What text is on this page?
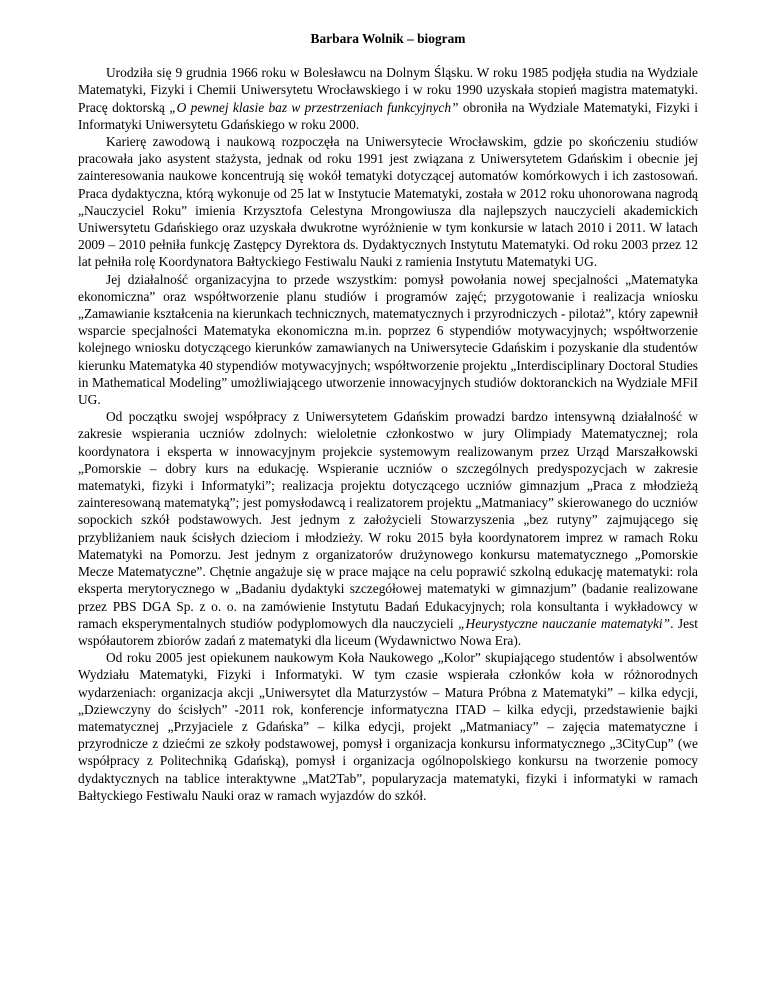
Barbara Wolnik – biogram

Urodziła się 9 grudnia 1966 roku w Bolesławcu na Dolnym Śląsku. W roku 1985 podjęła studia na Wydziale Matematyki, Fizyki i Chemii Uniwersytetu Wrocławskiego i w roku 1990 uzyskała stopień magistra matematyki. Pracę doktorską „O pewnej klasie baz w przestrzeniach funkcyjnych” obroniła na Wydziale Matematyki, Fizyki i Informatyki Uniwersytetu Gdańskiego w roku 2000.

Karierę zawodową i naukową rozpoczęła na Uniwersytecie Wrocławskim, gdzie po skończeniu studiów pracowała jako asystent stażysta, jednak od roku 1991 jest związana z Uniwersytetem Gdańskim i obecnie jej zainteresowania naukowe koncentrują się wokół tematyki dotyczącej automatów komórkowych i ich zastosowań. Praca dydaktyczna, którą wykonuje od 25 lat w Instytucie Matematyki, została w 2012 roku uhonorowana nagrodą „Nauczyciel Roku” imienia Krzysztofa Celestyna Mrongowiusza dla najlepszych nauczycieli akademickich Uniwersytetu Gdańskiego oraz uzyskała dwukrotne wyróżnienie w tym konkursie w latach 2010 i 2011. W latach 2009 – 2010 pełniła funkcję Zastępcy Dyrektora ds. Dydaktycznych Instytutu Matematyki. Od roku 2003 przez 12 lat pełniła rolę Koordynatora Bałtyckiego Festiwalu Nauki z ramienia Instytutu Matematyki UG.

Jej działalność organizacyjna to przede wszystkim: pomysł powołania nowej specjalności „Matematyka ekonomiczna” oraz współtworzenie planu studiów i programów zajęć; przygotowanie i realizacja wniosku „Zamawianie kształcenia na kierunkach technicznych, matematycznych i przyrodniczych - pilotaż”, który zapewnił wsparcie specjalności Matematyka ekonomiczna m.in. poprzez 6 stypendiów motywacyjnych; współtworzenie kolejnego wniosku dotyczącego kierunków zamawianych na Uniwersytecie Gdańskim i pozyskanie dla studentów kierunku Matematyka 40 stypendiów motywacyjnych; współtworzenie projektu „Interdisciplinary Doctoral Studies in Mathematical Modeling” umożliwiającego utworzenie innowacyjnych studiów doktoranckich na Wydziale MFiI UG.

Od początku swojej współpracy z Uniwersytetem Gdańskim prowadzi bardzo intensywną działalność w zakresie wspierania uczniów zdolnych: wieloletnie członkostwo w jury Olimpiady Matematycznej; rola koordynatora i eksperta w innowacyjnym projekcie systemowym realizowanym przez Urząd Marszałkowski „Pomorskie – dobry kurs na edukację. Wspieranie uczniów o szczególnych predyspozycjach w zakresie matematyki, fizyki i Informatyki”; realizacja projektu dotyczącego uczniów gimnazjum „Praca z młodzieżą zainteresowaną matematyką”; jest pomysłodawcą i realizatorem projektu „Matmaniacy” skierowanego do uczniów sopockich szkół podstawowych. Jest jednym z założycieli Stowarzyszenia „bez rutyny” zajmującego się przybliżaniem nauk ścisłych dzieciom i młodzieży. W roku 2015 była koordynatorem imprez w ramach Roku Matematyki na Pomorzu. Jest jednym z organizatorów drużynowego konkursu matematycznego „Pomorskie Mecze Matematyczne”. Chętnie angażuje się w prace mające na celu poprawić szkolną edukację matematyki: rola eksperta merytorycznego w „Badaniu dydaktyki szczegółowej matematyki w gimnazjum” (badanie realizowane przez PBS DGA Sp. z o. o. na zamówienie Instytutu Badań Edukacyjnych; rola konsultanta i wykładowcy w ramach eksperymentalnych studiów podyplomowych dla nauczycieli „Heurystyczne nauczanie matematyki”. Jest współautorem zbiorów zadań z matematyki dla liceum (Wydawnictwo Nowa Era).

Od roku 2005 jest opiekunem naukowym Koła Naukowego „Kolor” skupiającego studentów i absolwentów Wydziału Matematyki, Fizyki i Informatyki. W tym czasie wspierała członków koła w różnorodnych wydarzeniach: organizacja akcji „Uniwersytet dla Maturzystów – Matura Próbna z Matematyki” – kilka edycji, „Dziewczyny do ścisłych” -2011 rok, konferencje informatyczna ITAD – kilka edycji, przedstawienie bajki matematycznej „Przyjaciele z Gdańska” – kilka edycji, projekt „Matmaniacy” – zajęcia matematyczne i przyrodnicze z dziećmi ze szkoły podstawowej, pomysł i organizacja konkursu informatycznego „3CityCup” (we współpracy z Politechniką Gdańską), pomysł i organizacja ogólnopolskiego konkursu na tworzenie pomocy dydaktycznych na tablice interaktywne „Mat2Tab”, popularyzacja matematyki, fizyki i informatyki w ramach Bałtyckiego Festiwalu Nauki oraz w ramach wyjazdów do szkół.
